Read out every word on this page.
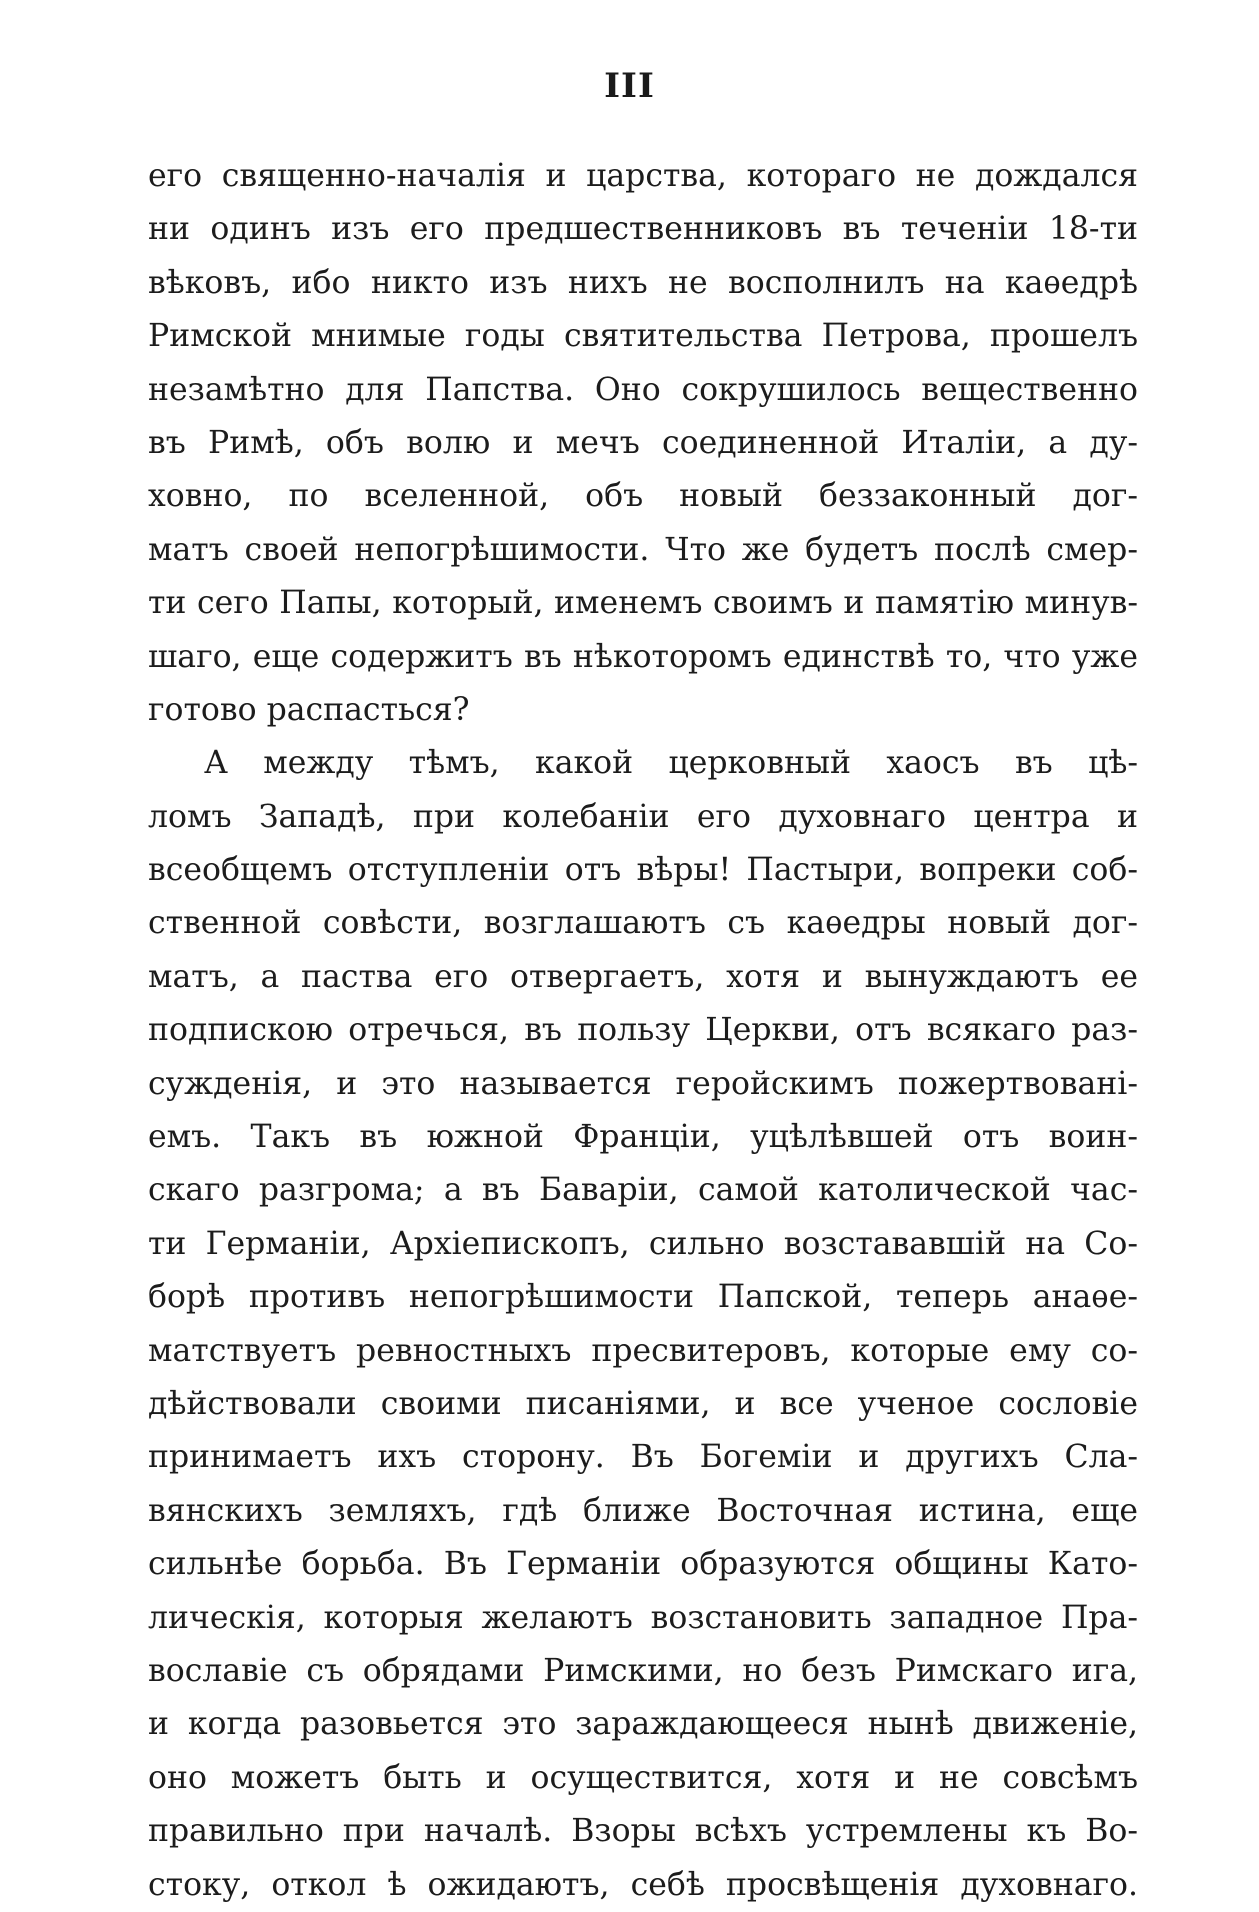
III
его священно-началія и царства, котораго не дождался
ни одинъ изъ его предшественниковъ въ теченіи 18-ти
вѣковъ, ибо никто изъ нихъ не восполнилъ на каѳедрѣ
Римской мнимые годы святительства Петрова, прошелъ
незамѣтно для Папства. Оно сокрушилось вещественно
въ Римѣ, объ волю и мечъ соединенной Италіи, а ду-
ховно, по вселенной, объ новый беззаконный дог-
матъ своей непогрѣшимости. Что же будетъ послѣ смер-
ти сего Папы, который, именемъ своимъ и памятію минув-
шаго, еще содержитъ въ нѣкоторомъ единствѣ то, что уже
готово распасться?
А между тѣмъ, какой церковный хаосъ въ цѣ-
ломъ Западѣ, при колебаніи его духовнаго центра и
всеобщемъ отступленіи отъ вѣры! Пастыри, вопреки соб-
ственной совѣсти, возглашаютъ съ каѳедры новый дог-
матъ, а паства его отвергаетъ, хотя и вынуждаютъ ее
подпискою отречься, въ пользу Церкви, отъ всякаго раз-
сужденія, и это называется геройскимъ пожертвовані-
емъ. Такъ въ южной Франціи, уцѣлѣвшей отъ воин-
скаго разгрома; а въ Баваріи, самой католической час-
ти Германіи, Архіепископъ, сильно возстававшій на Со-
борѣ противъ непогрѣшимости Папской, теперь анаѳе-
матствуетъ ревностныхъ пресвитеровъ, которые ему со-
дѣйствовали своими писаніями, и все ученое сословіе
принимаетъ ихъ сторону. Въ Богеміи и другихъ Сла-
вянскихъ земляхъ, гдѣ ближе Восточная истина, еще
сильнѣе борьба. Въ Германіи образуются общины Като-
лическія, которыя желаютъ возстановить западное Пра-
вославіе съ обрядами Римскими, но безъ Римскаго ига,
и когда разовьется это зараждающееся нынѣ движеніе,
оно можетъ быть и осуществится, хотя и не совсѣмъ
правильно при началѣ. Взоры всѣхъ устремлены къ Во-
стоку, откол ѣ ожидаютъ, себѣ просвѣщенія духовнаго.
